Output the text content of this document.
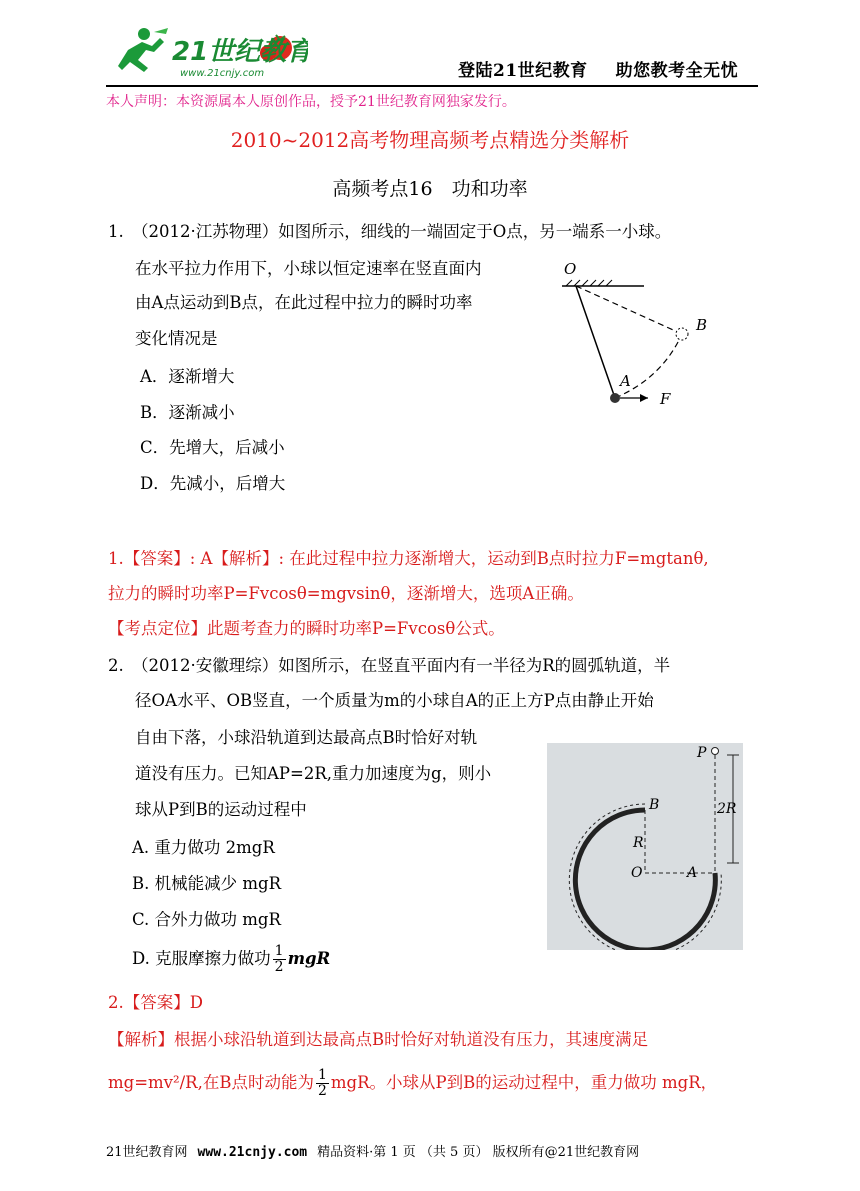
21世纪教育
www.21cnjy.com	登陆21世纪教育 助您教考全无忧
本人声明：本资源属本人原创作品，授予21世纪教育网独家发行。
2010~2012高考物理高频考点精选分类解析
高频考点16　功和功率
1.　（2012·江苏物理）如图所示，细线的一端固定于O点，另一端系一小球。
在水平拉力作用下，小球以恒定速率在竖直面内
由A点运动到B点，在此过程中拉力的瞬时功率
变化情况是
A．逐渐增大
B．逐渐减小
C．先增大，后减小
D．先减小，后增大
O
B
A
F
1.【答案】: A【解析】: 在此过程中拉力逐渐增大，运动到B点时拉力F=mgtanθ,
拉力的瞬时功率P=Fvcosθ=mgvsinθ，逐渐增大，选项A正确。
【考点定位】此题考查力的瞬时功率P=Fvcosθ公式。
2.　（2012·安徽理综）如图所示，在竖直平面内有一半径为R的圆弧轨道，半
径OA水平、OB竖直，一个质量为m的小球自A的正上方P点由静止开始
自由下落，小球沿轨道到达最高点B时恰好对轨
道没有压力。已知AP=2R,重力加速度为g，则小
球从P到B的运动过程中
A. 重力做功 2mgR
B. 机械能减少 mgR
C. 合外力做功 mgR
D. 克服摩擦力做功 $\frac{1}{2}$ mgR
P
B
R
2R
O	A
2.【答案】D
【解析】根据小球沿轨道到达最高点B时恰好对轨道没有压力，其速度满足
mg=mv²/R,在B点时动能为 $\frac{1}{2}$ mgR。小球从P到B的运动过程中，重力做功 mgR，
21世纪教育网 www.21cnjy.com 精品资料·第 1 页 （共 5 页） 版权所有@21世纪教育网
